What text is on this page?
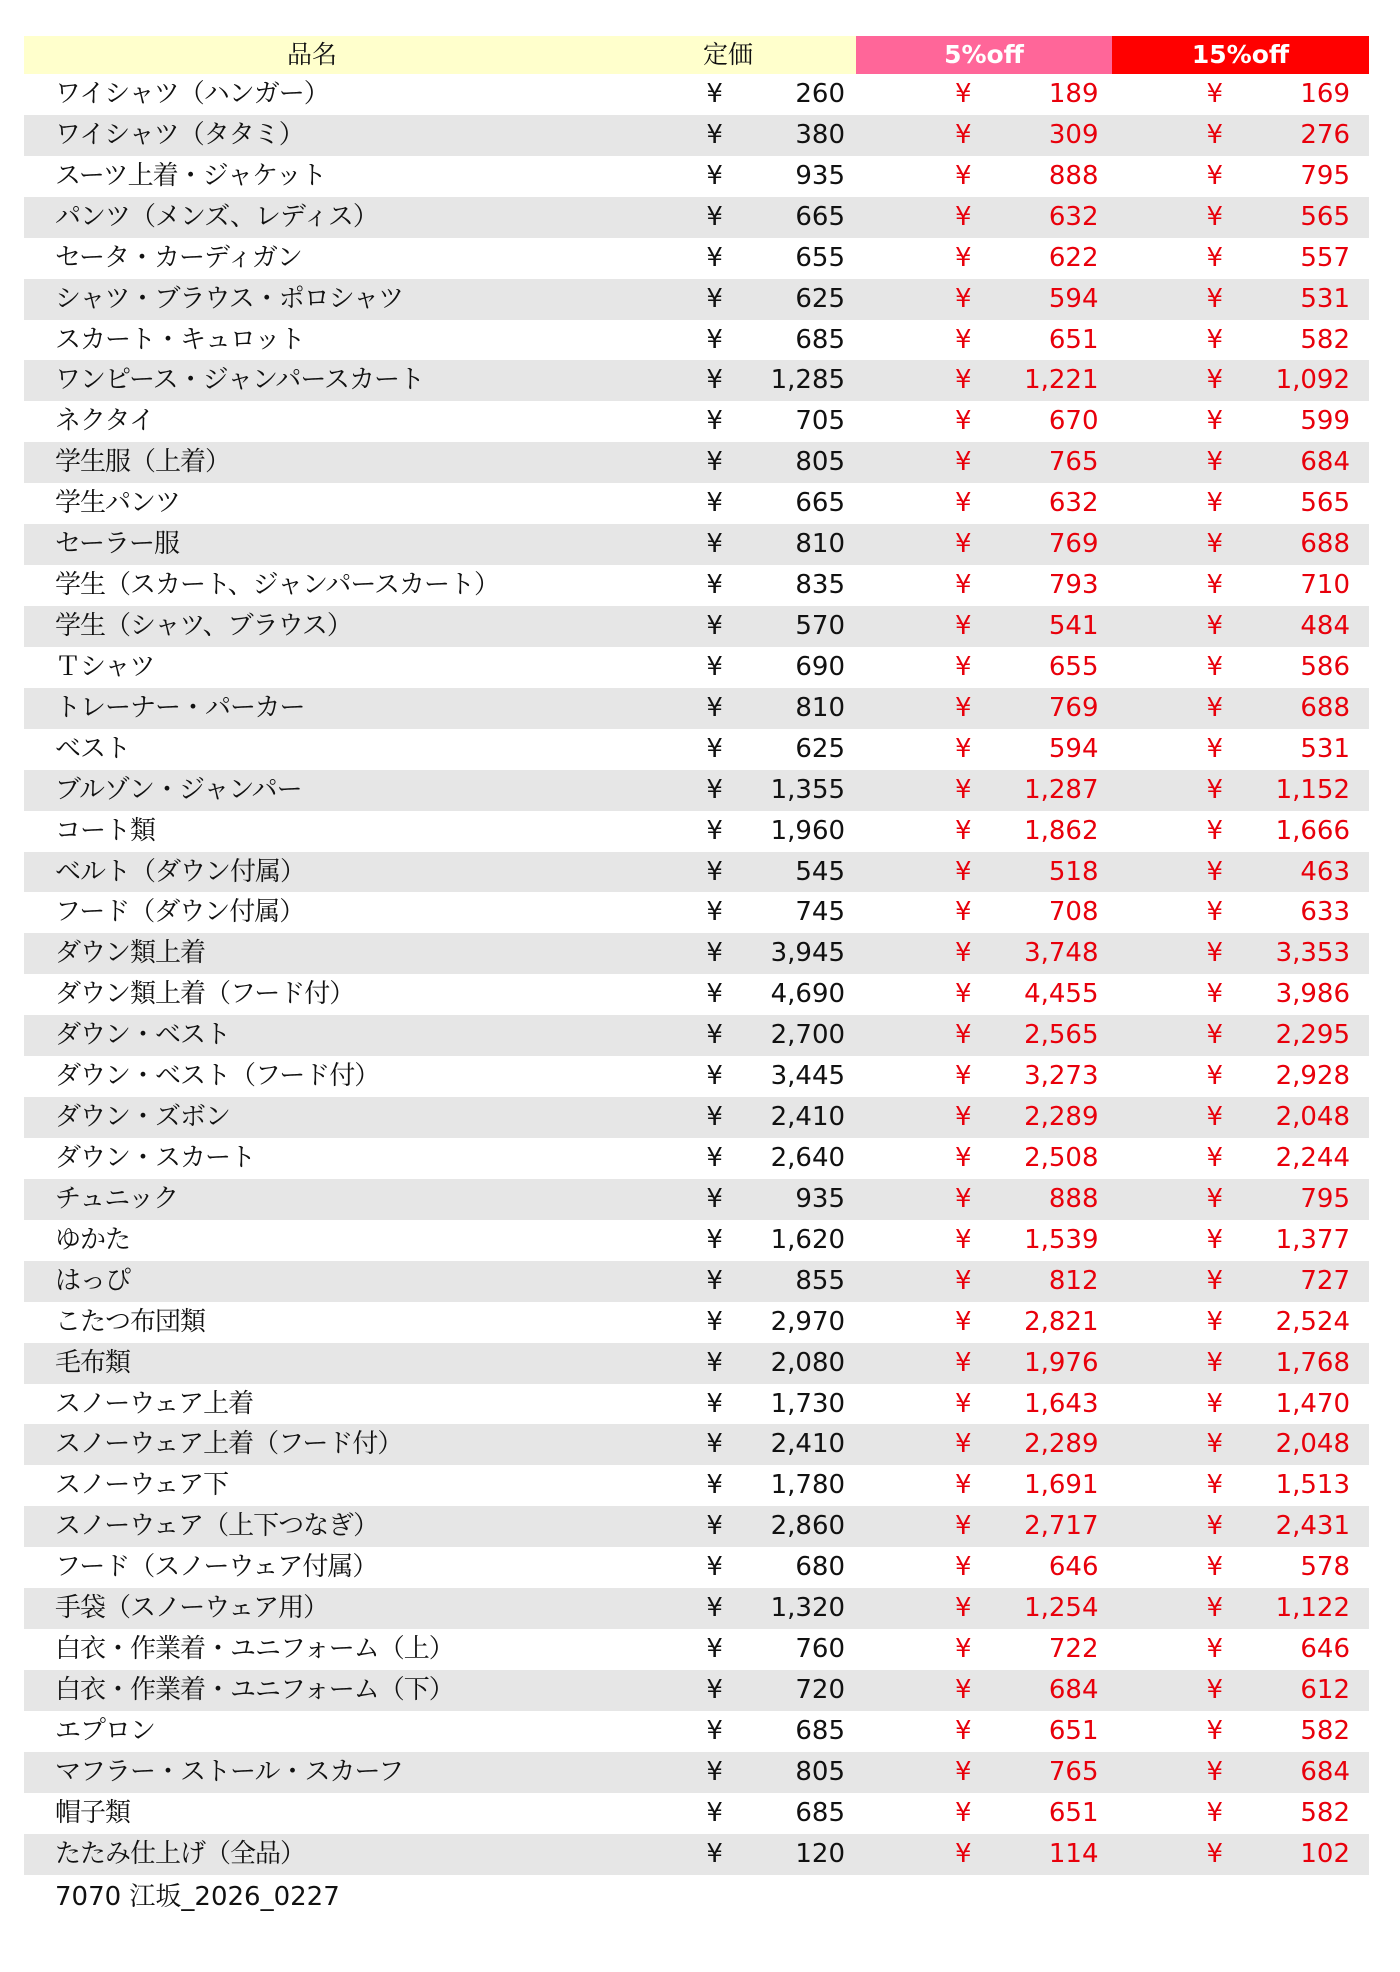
品名	定価	5%off	15%off
ワイシャツ（ハンガー）	¥	260	¥	189	¥	169
ワイシャツ（タタミ）	¥	380	¥	309	¥	276
スーツ上着・ジャケット	¥	935	¥	888	¥	795
パンツ（メンズ、レディス）	¥	665	¥	632	¥	565
セータ・カーディガン	¥	655	¥	622	¥	557
シャツ・ブラウス・ポロシャツ	¥	625	¥	594	¥	531
スカート・キュロット	¥	685	¥	651	¥	582
ワンピース・ジャンパースカート	¥ 1,285	¥ 1,221	¥ 1,092
ネクタイ	¥	705	¥	670	¥	599
学生服（上着）	¥	805	¥	765	¥	684
学生パンツ	¥	665	¥	632	¥	565
セーラー服	¥	810	¥	769	¥	688
学生（スカート、ジャンパースカート）	¥	835	¥	793	¥	710
学生（シャツ、ブラウス）	¥	570	¥	541	¥	484
Ｔシャツ	¥	690	¥	655	¥	586
トレーナー・パーカー	¥	810	¥	769	¥	688
ベスト	¥	625	¥	594	¥	531
ブルゾン・ジャンパー	¥ 1,355	¥ 1,287	¥ 1,152
コート類	¥ 1,960	¥ 1,862	¥ 1,666
ベルト（ダウン付属）	¥	545	¥	518	¥	463
フード（ダウン付属）	¥	745	¥	708	¥	633
ダウン類上着	¥ 3,945	¥ 3,748	¥ 3,353
ダウン類上着（フード付）	¥ 4,690	¥ 4,455	¥ 3,986
ダウン・ベスト	¥ 2,700	¥ 2,565	¥ 2,295
ダウン・ベスト（フード付）	¥ 3,445	¥ 3,273	¥ 2,928
ダウン・ズボン	¥ 2,410	¥ 2,289	¥ 2,048
ダウン・スカート	¥ 2,640	¥ 2,508	¥ 2,244
チュニック	¥	935	¥	888	¥	795
ゆかた	¥ 1,620	¥ 1,539	¥ 1,377
はっぴ	¥	855	¥	812	¥	727
こたつ布団類	¥ 2,970	¥ 2,821	¥ 2,524
毛布類	¥ 2,080	¥ 1,976	¥ 1,768
スノーウェア上着	¥ 1,730	¥ 1,643	¥ 1,470
スノーウェア上着（フード付）	¥ 2,410	¥ 2,289	¥ 2,048
スノーウェア下	¥ 1,780	¥ 1,691	¥ 1,513
スノーウェア（上下つなぎ）	¥ 2,860	¥ 2,717	¥ 2,431
フード（スノーウェア付属）	¥	680	¥	646	¥	578
手袋（スノーウェア用）	¥ 1,320	¥ 1,254	¥ 1,122
白衣・作業着・ユニフォーム（上）	¥	760	¥	722	¥	646
白衣・作業着・ユニフォーム（下）	¥	720	¥	684	¥	612
エプロン	¥	685	¥	651	¥	582
マフラー・ストール・スカーフ	¥	805	¥	765	¥	684
帽子類	¥	685	¥	651	¥	582
たたみ仕上げ（全品）	¥	120	¥	114	¥	102
7070 江坂_2026_0227
